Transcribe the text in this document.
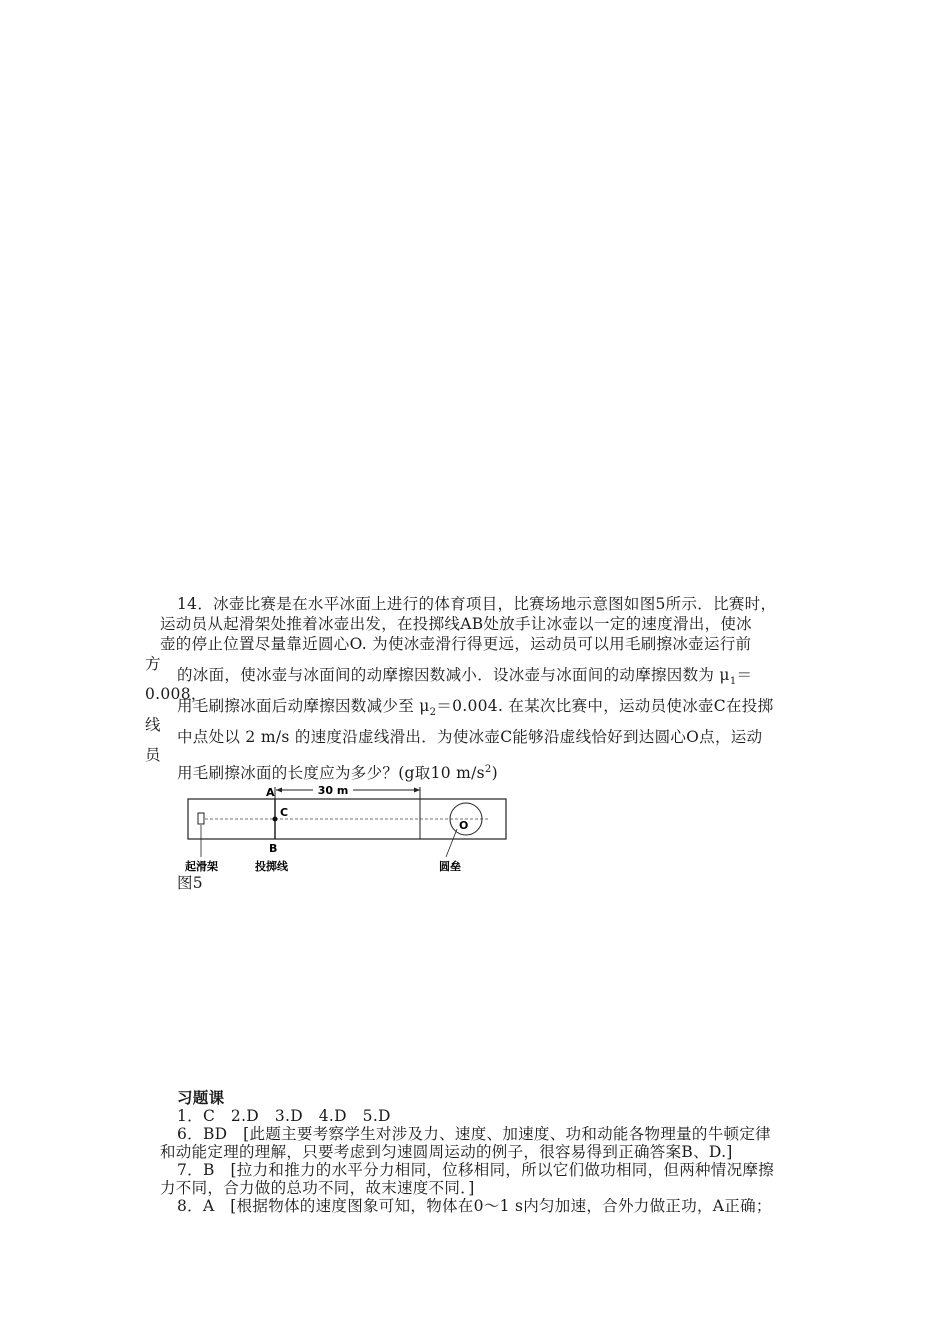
14．冰壶比赛是在水平冰面上进行的体育项目，比赛场地示意图如图5所示．比赛时，
运动员从起滑架处推着冰壶出发，在投掷线AB处放手让冰壶以一定的速度滑出，使冰
壶的停止位置尽量靠近圆心O. 为使冰壶滑行得更远，运动员可以用毛刷擦冰壶运行前
方
的冰面，使冰壶与冰面间的动摩擦因数减小．设冰壶与冰面间的动摩擦因数为 $\mu_1=$
0.008，
用毛刷擦冰面后动摩擦因数减少至 $\mu_2=0.004$. 在某次比赛中，运动员使冰壶C在投掷
线
中点处以 2 m/s 的速度沿虚线滑出．为使冰壶C能够沿虚线恰好到达圆心O点，运动
员
用毛刷擦冰面的长度应为多少？(g取10 $m/s^2$)
30 m
C
A
B
O
起滑架	投掷线	圆垒
图5
习题课
1．C　2.D　3.D　4.D　5.D
6．BD　[此题主要考察学生对涉及力、速度、加速度、功和动能各物理量的牛顿定律
和动能定理的理解，只要考虑到匀速圆周运动的例子，很容易得到正确答案B、D.]
7．B　[拉力和推力的水平分力相同，位移相同，所以它们做功相同，但两种情况摩擦
力不同，合力做的总功不同，故末速度不同．]
8．A　[根据物体的速度图象可知，物体在0～1 s内匀加速，合外力做正功，A正确；
